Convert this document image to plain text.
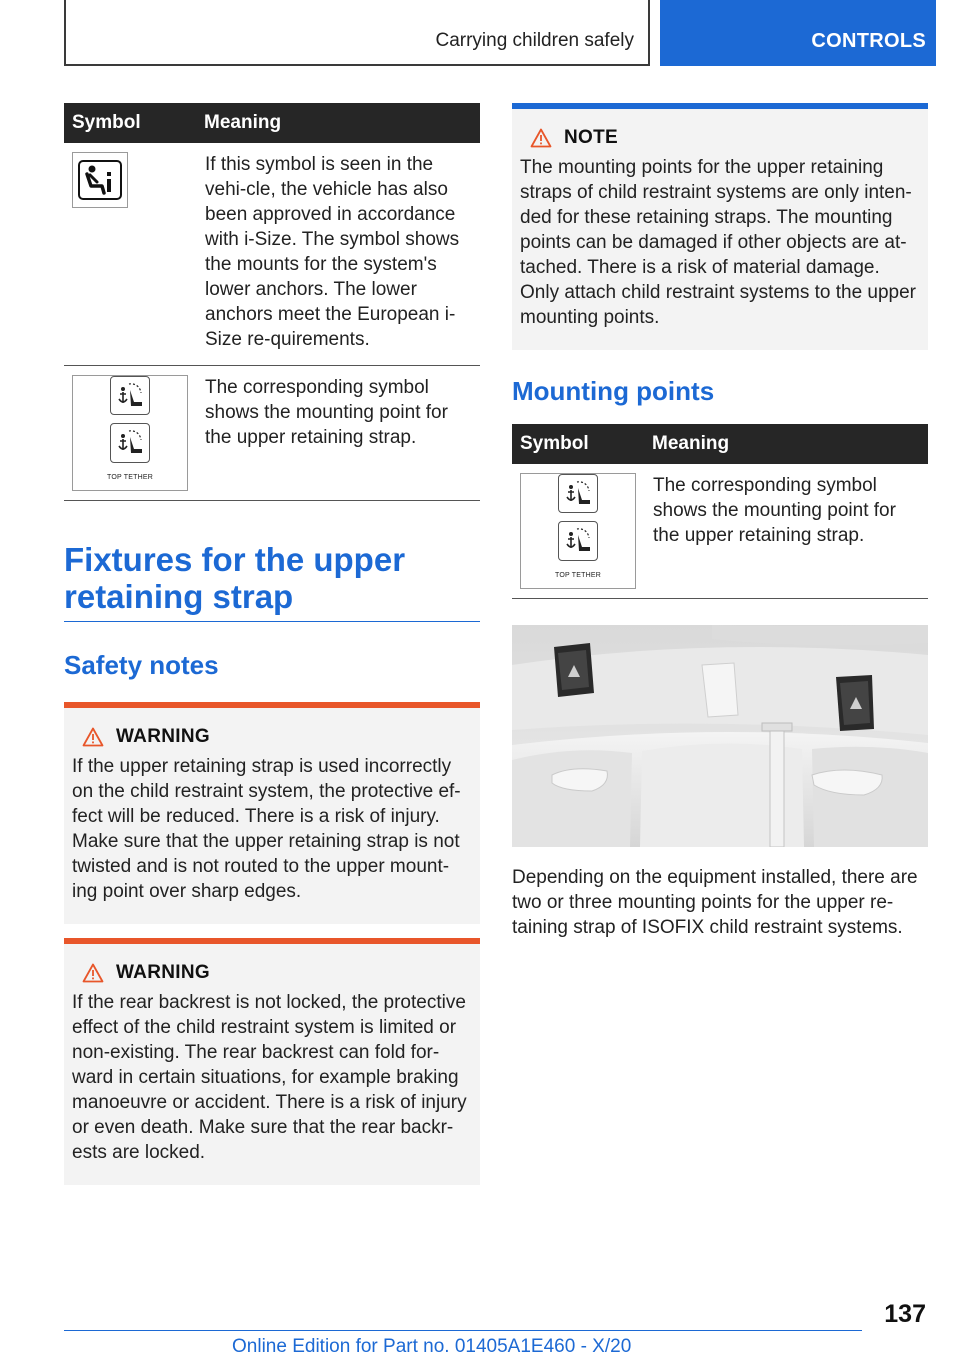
Carrying children safely	CONTROLS
Symbol	Meaning

	If this symbol is seen in the vehi-cle, the vehicle has also been approved in accordance with i-Size. The symbol shows the mounts for the system's lower anchors. The lower anchors meet the European i-Size re-quirements.

TOP TETHER	The corresponding symbol shows the mounting point for the upper retaining strap.
Fixtures for the upper retaining strap
Safety notes
WARNING
If the upper retaining strap is used incorrectly on the child restraint system, the protective ef-fect will be reduced. There is a risk of injury. Make sure that the upper retaining strap is not twisted and is not routed to the upper mount-ing point over sharp edges.
WARNING
If the rear backrest is not locked, the protective effect of the child restraint system is limited or non-existing. The rear backrest can fold for-ward in certain situations, for example braking manoeuvre or accident. There is a risk of injury or even death. Make sure that the rear backr-ests are locked.
NOTE
The mounting points for the upper retaining straps of child restraint systems are only inten-ded for these retaining straps. The mounting points can be damaged if other objects are at-tached. There is a risk of material damage. Only attach child restraint systems to the upper mounting points.
Mounting points
Symbol	Meaning

TOP TETHER	The corresponding symbol shows the mounting point for the upper retaining strap.
Depending on the equipment installed, there are two or three mounting points for the upper re-taining strap of ISOFIX child restraint systems.
137
Online Edition for Part no. 01405A1E460 - X/20
